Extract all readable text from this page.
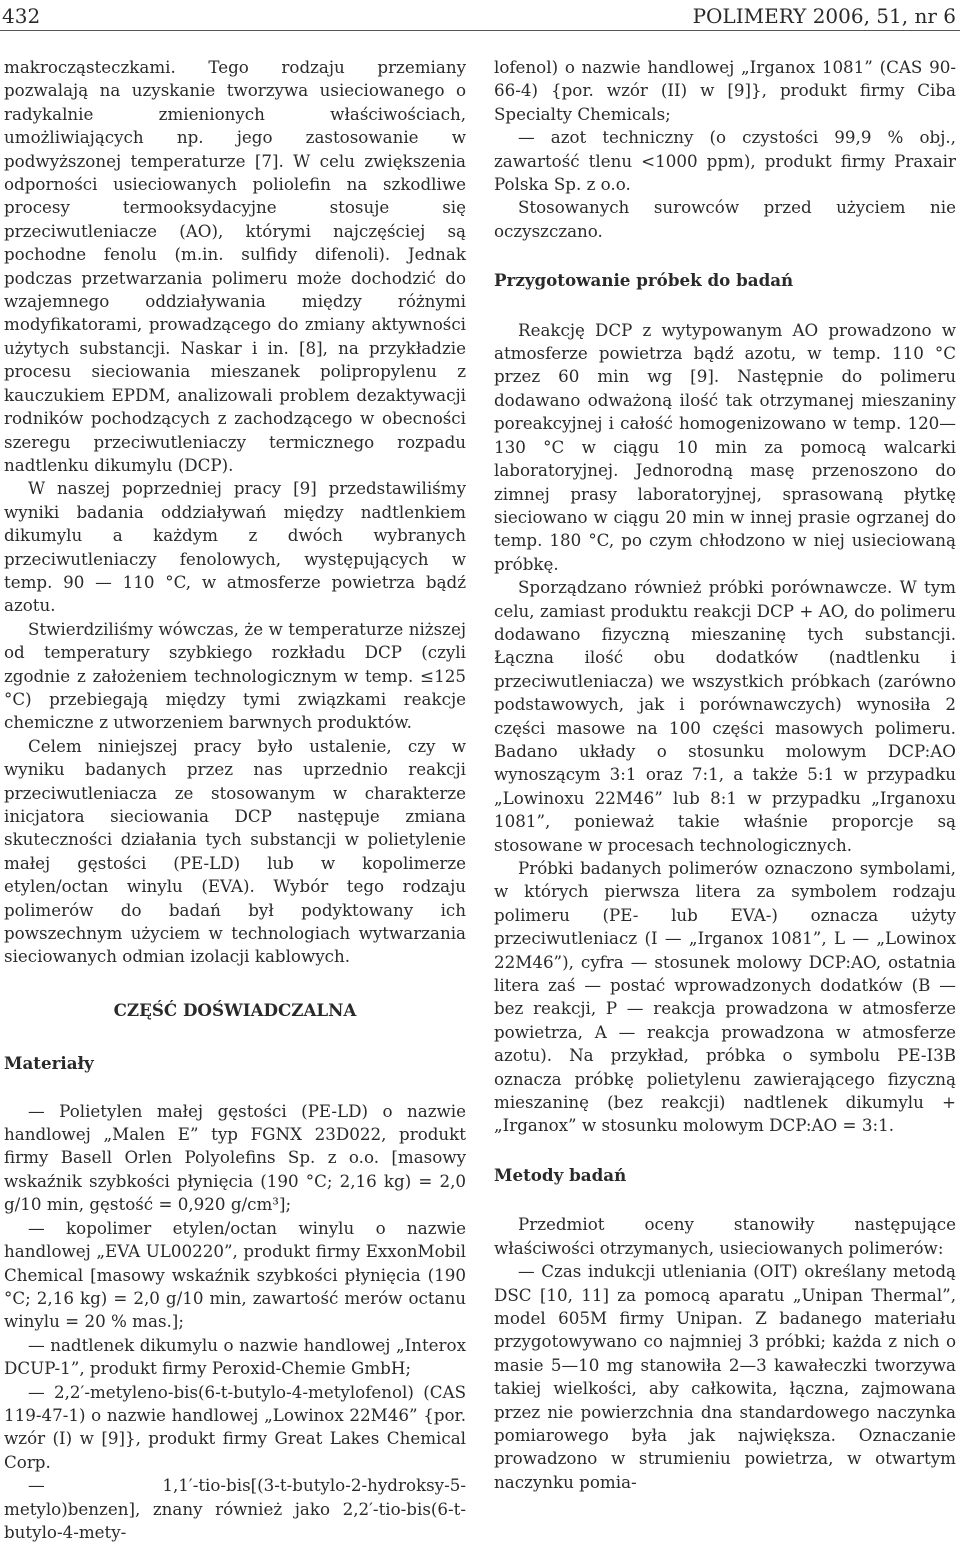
432	POLIMERY 2006, 51, nr 6

makrocząsteczkami. Tego rodzaju przemiany pozwalają na uzyskanie tworzywa usieciowanego o radykalnie zmienionych właściwościach, umożliwiających np. jego zastosowanie w podwyższonej temperaturze [7]. W celu zwiększenia odporności usieciowanych poliolefin na szkodliwe procesy termooksydacyjne stosuje się przeciwutleniacze (AO), którymi najczęściej są pochodne fenolu (m.in. sulfidy difenoli). Jednak podczas przetwarzania polimeru może dochodzić do wzajemnego oddziaływania między różnymi modyfikatorami, prowadzącego do zmiany aktywności użytych substancji. Naskar i in. [8], na przykładzie procesu sieciowania mieszanek polipropylenu z kauczukiem EPDM, analizowali problem dezaktywacji rodników pochodzących z zachodzącego w obecności szeregu przeciwutleniaczy termicznego rozpadu nadtlenku dikumylu (DCP).

W naszej poprzedniej pracy [9] przedstawiliśmy wyniki badania oddziaływań między nadtlenkiem dikumylu a każdym z dwóch wybranych przeciwutleniaczy fenolowych, występujących w temp. 90 — 110 °C, w atmosferze powietrza bądź azotu.

Stwierdziliśmy wówczas, że w temperaturze niższej od temperatury szybkiego rozkładu DCP (czyli zgodnie z założeniem technologicznym w temp. ≤125 °C) przebiegają między tymi związkami reakcje chemiczne z utworzeniem barwnych produktów.

Celem niniejszej pracy było ustalenie, czy w wyniku badanych przez nas uprzednio reakcji przeciwutleniacza ze stosowanym w charakterze inicjatora sieciowania DCP następuje zmiana skuteczności działania tych substancji w polietylenie małej gęstości (PE-LD) lub w kopolimerze etylen/octan winylu (EVA). Wybór tego rodzaju polimerów do badań był podyktowany ich powszechnym użyciem w technologiach wytwarzania sieciowanych odmian izolacji kablowych.

CZĘŚĆ DOŚWIADCZALNA

Materiały

— Polietylen małej gęstości (PE-LD) o nazwie handlowej „Malen E” typ FGNX 23D022, produkt firmy Basell Orlen Polyolefins Sp. z o.o. [masowy wskaźnik szybkości płynięcia (190 °C; 2,16 kg) = 2,0 g/10 min, gęstość = 0,920 g/cm³];

— kopolimer etylen/octan winylu o nazwie handlowej „EVA UL00220”, produkt firmy ExxonMobil Chemical [masowy wskaźnik szybkości płynięcia (190 °C; 2,16 kg) = 2,0 g/10 min, zawartość merów octanu winylu = 20 % mas.];

— nadtlenek dikumylu o nazwie handlowej „Interox DCUP-1”, produkt firmy Peroxid-Chemie GmbH;

— 2,2′-metyleno-bis(6-t-butylo-4-metylofenol) (CAS 119-47-1) o nazwie handlowej „Lowinox 22M46” {por. wzór (I) w [9]}, produkt firmy Great Lakes Chemical Corp.

— 1,1′-tio-bis[(3-t-butylo-2-hydroksy-5-metylo)benzen], znany również jako 2,2′-tio-bis(6-t-butylo-4-mety-

lofenol) o nazwie handlowej „Irganox 1081” (CAS 90-66-4) {por. wzór (II) w [9]}, produkt firmy Ciba Specialty Chemicals;

— azot techniczny (o czystości 99,9 % obj., zawartość tlenu <1000 ppm), produkt firmy Praxair Polska Sp. z o.o.

Stosowanych surowców przed użyciem nie oczyszczano.

Przygotowanie próbek do badań

Reakcję DCP z wytypowanym AO prowadzono w atmosferze powietrza bądź azotu, w temp. 110 °C przez 60 min wg [9]. Następnie do polimeru dodawano odważoną ilość tak otrzymanej mieszaniny poreakcyjnej i całość homogenizowano w temp. 120—130 °C w ciągu 10 min za pomocą walcarki laboratoryjnej. Jednorodną masę przenoszono do zimnej prasy laboratoryjnej, sprasowaną płytkę sieciowano w ciągu 20 min w innej prasie ogrzanej do temp. 180 °C, po czym chłodzono w niej usieciowaną próbkę.

Sporządzano również próbki porównawcze. W tym celu, zamiast produktu reakcji DCP + AO, do polimeru dodawano fizyczną mieszaninę tych substancji. Łączna ilość obu dodatków (nadtlenku i przeciwutleniacza) we wszystkich próbkach (zarówno podstawowych, jak i porównawczych) wynosiła 2 części masowe na 100 części masowych polimeru. Badano układy o stosunku molowym DCP:AO wynoszącym 3:1 oraz 7:1, a także 5:1 w przypadku „Lowinoxu 22M46” lub 8:1 w przypadku „Irganoxu 1081”, ponieważ takie właśnie proporcje są stosowane w procesach technologicznych.

Próbki badanych polimerów oznaczono symbolami, w których pierwsza litera za symbolem rodzaju polimeru (PE- lub EVA-) oznacza użyty przeciwutleniacz (I — „Irganox 1081”, L — „Lowinox 22M46”), cyfra — stosunek molowy DCP:AO, ostatnia litera zaś — postać wprowadzonych dodatków (B — bez reakcji, P — reakcja prowadzona w atmosferze powietrza, A — reakcja prowadzona w atmosferze azotu). Na przykład, próbka o symbolu PE-I3B oznacza próbkę polietylenu zawierającego fizyczną mieszaninę (bez reakcji) nadtlenek dikumylu + „Irganox” w stosunku molowym DCP:AO = 3:1.

Metody badań

Przedmiot oceny stanowiły następujące właściwości otrzymanych, usieciowanych polimerów:

— Czas indukcji utleniania (OIT) określany metodą DSC [10, 11] za pomocą aparatu „Unipan Thermal”, model 605M firmy Unipan. Z badanego materiału przygotowywano co najmniej 3 próbki; każda z nich o masie 5—10 mg stanowiła 2—3 kawałeczki tworzywa takiej wielkości, aby całkowita, łączna, zajmowana przez nie powierzchnia dna standardowego naczynka pomiarowego była jak największa. Oznaczanie prowadzono w strumieniu powietrza, w otwartym naczynku pomia-
